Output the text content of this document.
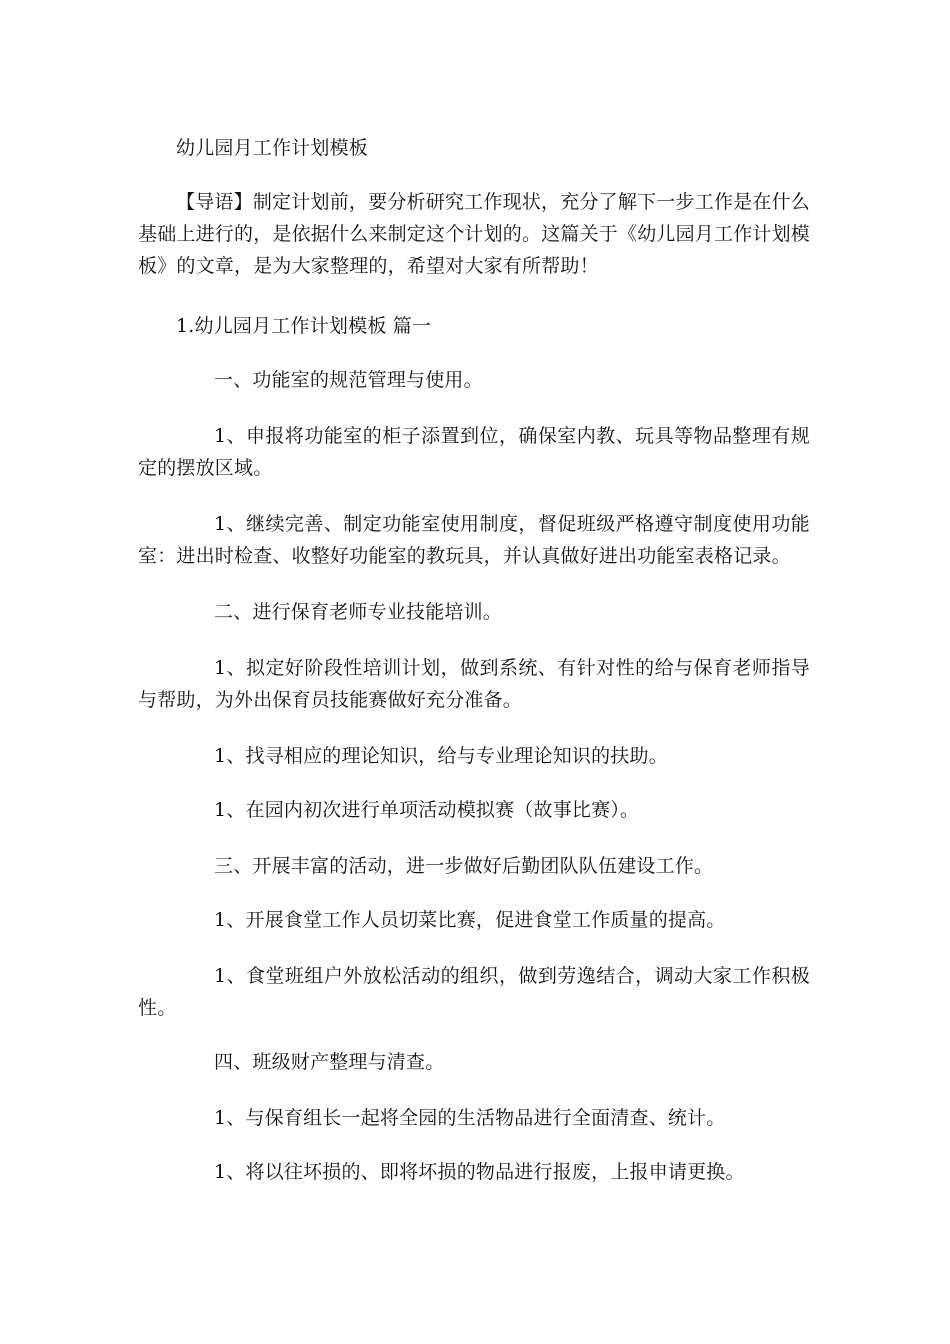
幼儿园月工作计划模板
【导语】制定计划前，要分析研究工作现状，充分了解下一步工作是在什么基础上进行的，是依据什么来制定这个计划的。这篇关于《幼儿园月工作计划模板》的文章，是为大家整理的，希望对大家有所帮助！
1.幼儿园月工作计划模板 篇一
一、功能室的规范管理与使用。
1、申报将功能室的柜子添置到位，确保室内教、玩具等物品整理有规定的摆放区域。
1、继续完善、制定功能室使用制度，督促班级严格遵守制度使用功能室：进出时检查、收整好功能室的教玩具，并认真做好进出功能室表格记录。
二、进行保育老师专业技能培训。
1、拟定好阶段性培训计划，做到系统、有针对性的给与保育老师指导与帮助，为外出保育员技能赛做好充分准备。
1、找寻相应的理论知识，给与专业理论知识的扶助。
1、在园内初次进行单项活动模拟赛（故事比赛）。
三、开展丰富的活动，进一步做好后勤团队队伍建设工作。
1、开展食堂工作人员切菜比赛，促进食堂工作质量的提高。
1、食堂班组户外放松活动的组织，做到劳逸结合，调动大家工作积极性。
四、班级财产整理与清查。
1、与保育组长一起将全园的生活物品进行全面清查、统计。
1、将以往坏损的、即将坏损的物品进行报废，上报申请更换。
